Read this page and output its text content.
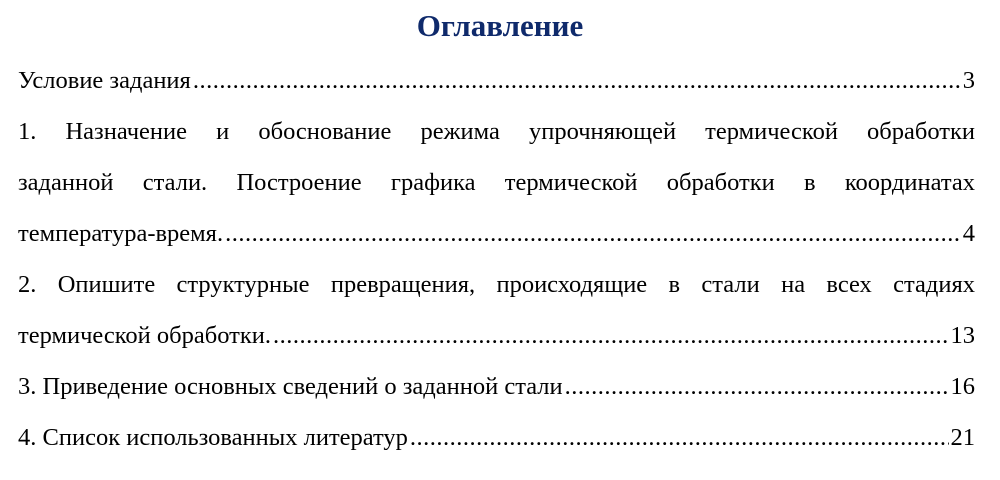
Оглавление
Условие задания .....	3
1. Назначение и обоснование режима упрочняющей термической обработки
заданной стали. Построение графика термической обработки в координатах
температура-время. .....	4
2. Опишите структурные превращения, происходящие в стали на всех стадиях
термической обработки. .....	13
3. Приведение основных сведений о заданной стали .....	16
4. Список использованных литератур .....	21
